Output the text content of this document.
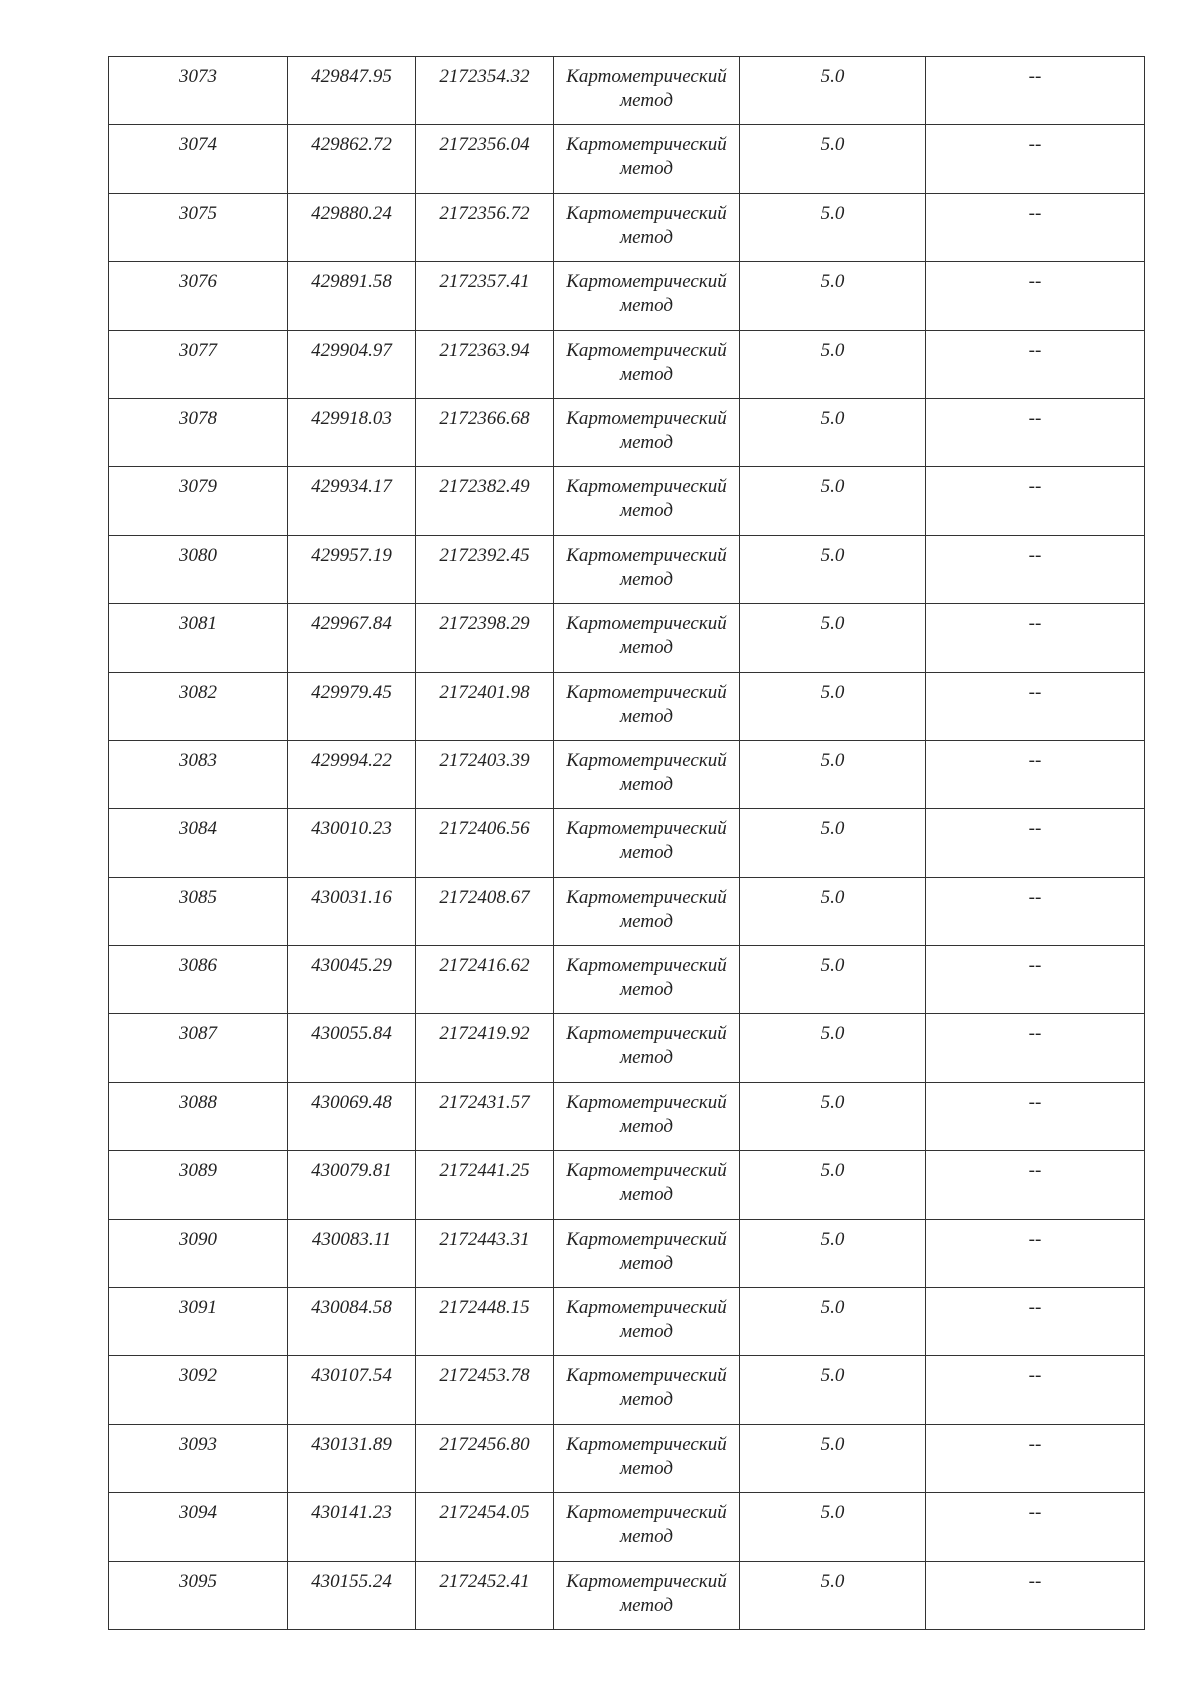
3073	429847.95	2172354.32	Картометрический
метод	5.0	--

3074	429862.72	2172356.04	Картометрический
метод	5.0	--

3075	429880.24	2172356.72	Картометрический
метод	5.0	--

3076	429891.58	2172357.41	Картометрический
метод	5.0	--

3077	429904.97	2172363.94	Картометрический
метод	5.0	--

3078	429918.03	2172366.68	Картометрический
метод	5.0	--

3079	429934.17	2172382.49	Картометрический
метод	5.0	--

3080	429957.19	2172392.45	Картометрический
метод	5.0	--

3081	429967.84	2172398.29	Картометрический
метод	5.0	--

3082	429979.45	2172401.98	Картометрический
метод	5.0	--

3083	429994.22	2172403.39	Картометрический
метод	5.0	--

3084	430010.23	2172406.56	Картометрический
метод	5.0	--

3085	430031.16	2172408.67	Картометрический
метод	5.0	--

3086	430045.29	2172416.62	Картометрический
метод	5.0	--

3087	430055.84	2172419.92	Картометрический
метод	5.0	--

3088	430069.48	2172431.57	Картометрический
метод	5.0	--

3089	430079.81	2172441.25	Картометрический
метод	5.0	--

3090	430083.11	2172443.31	Картометрический
метод	5.0	--

3091	430084.58	2172448.15	Картометрический
метод	5.0	--

3092	430107.54	2172453.78	Картометрический
метод	5.0	--

3093	430131.89	2172456.80	Картометрический
метод	5.0	--

3094	430141.23	2172454.05	Картометрический
метод	5.0	--

3095	430155.24	2172452.41	Картометрический
метод	5.0	--
